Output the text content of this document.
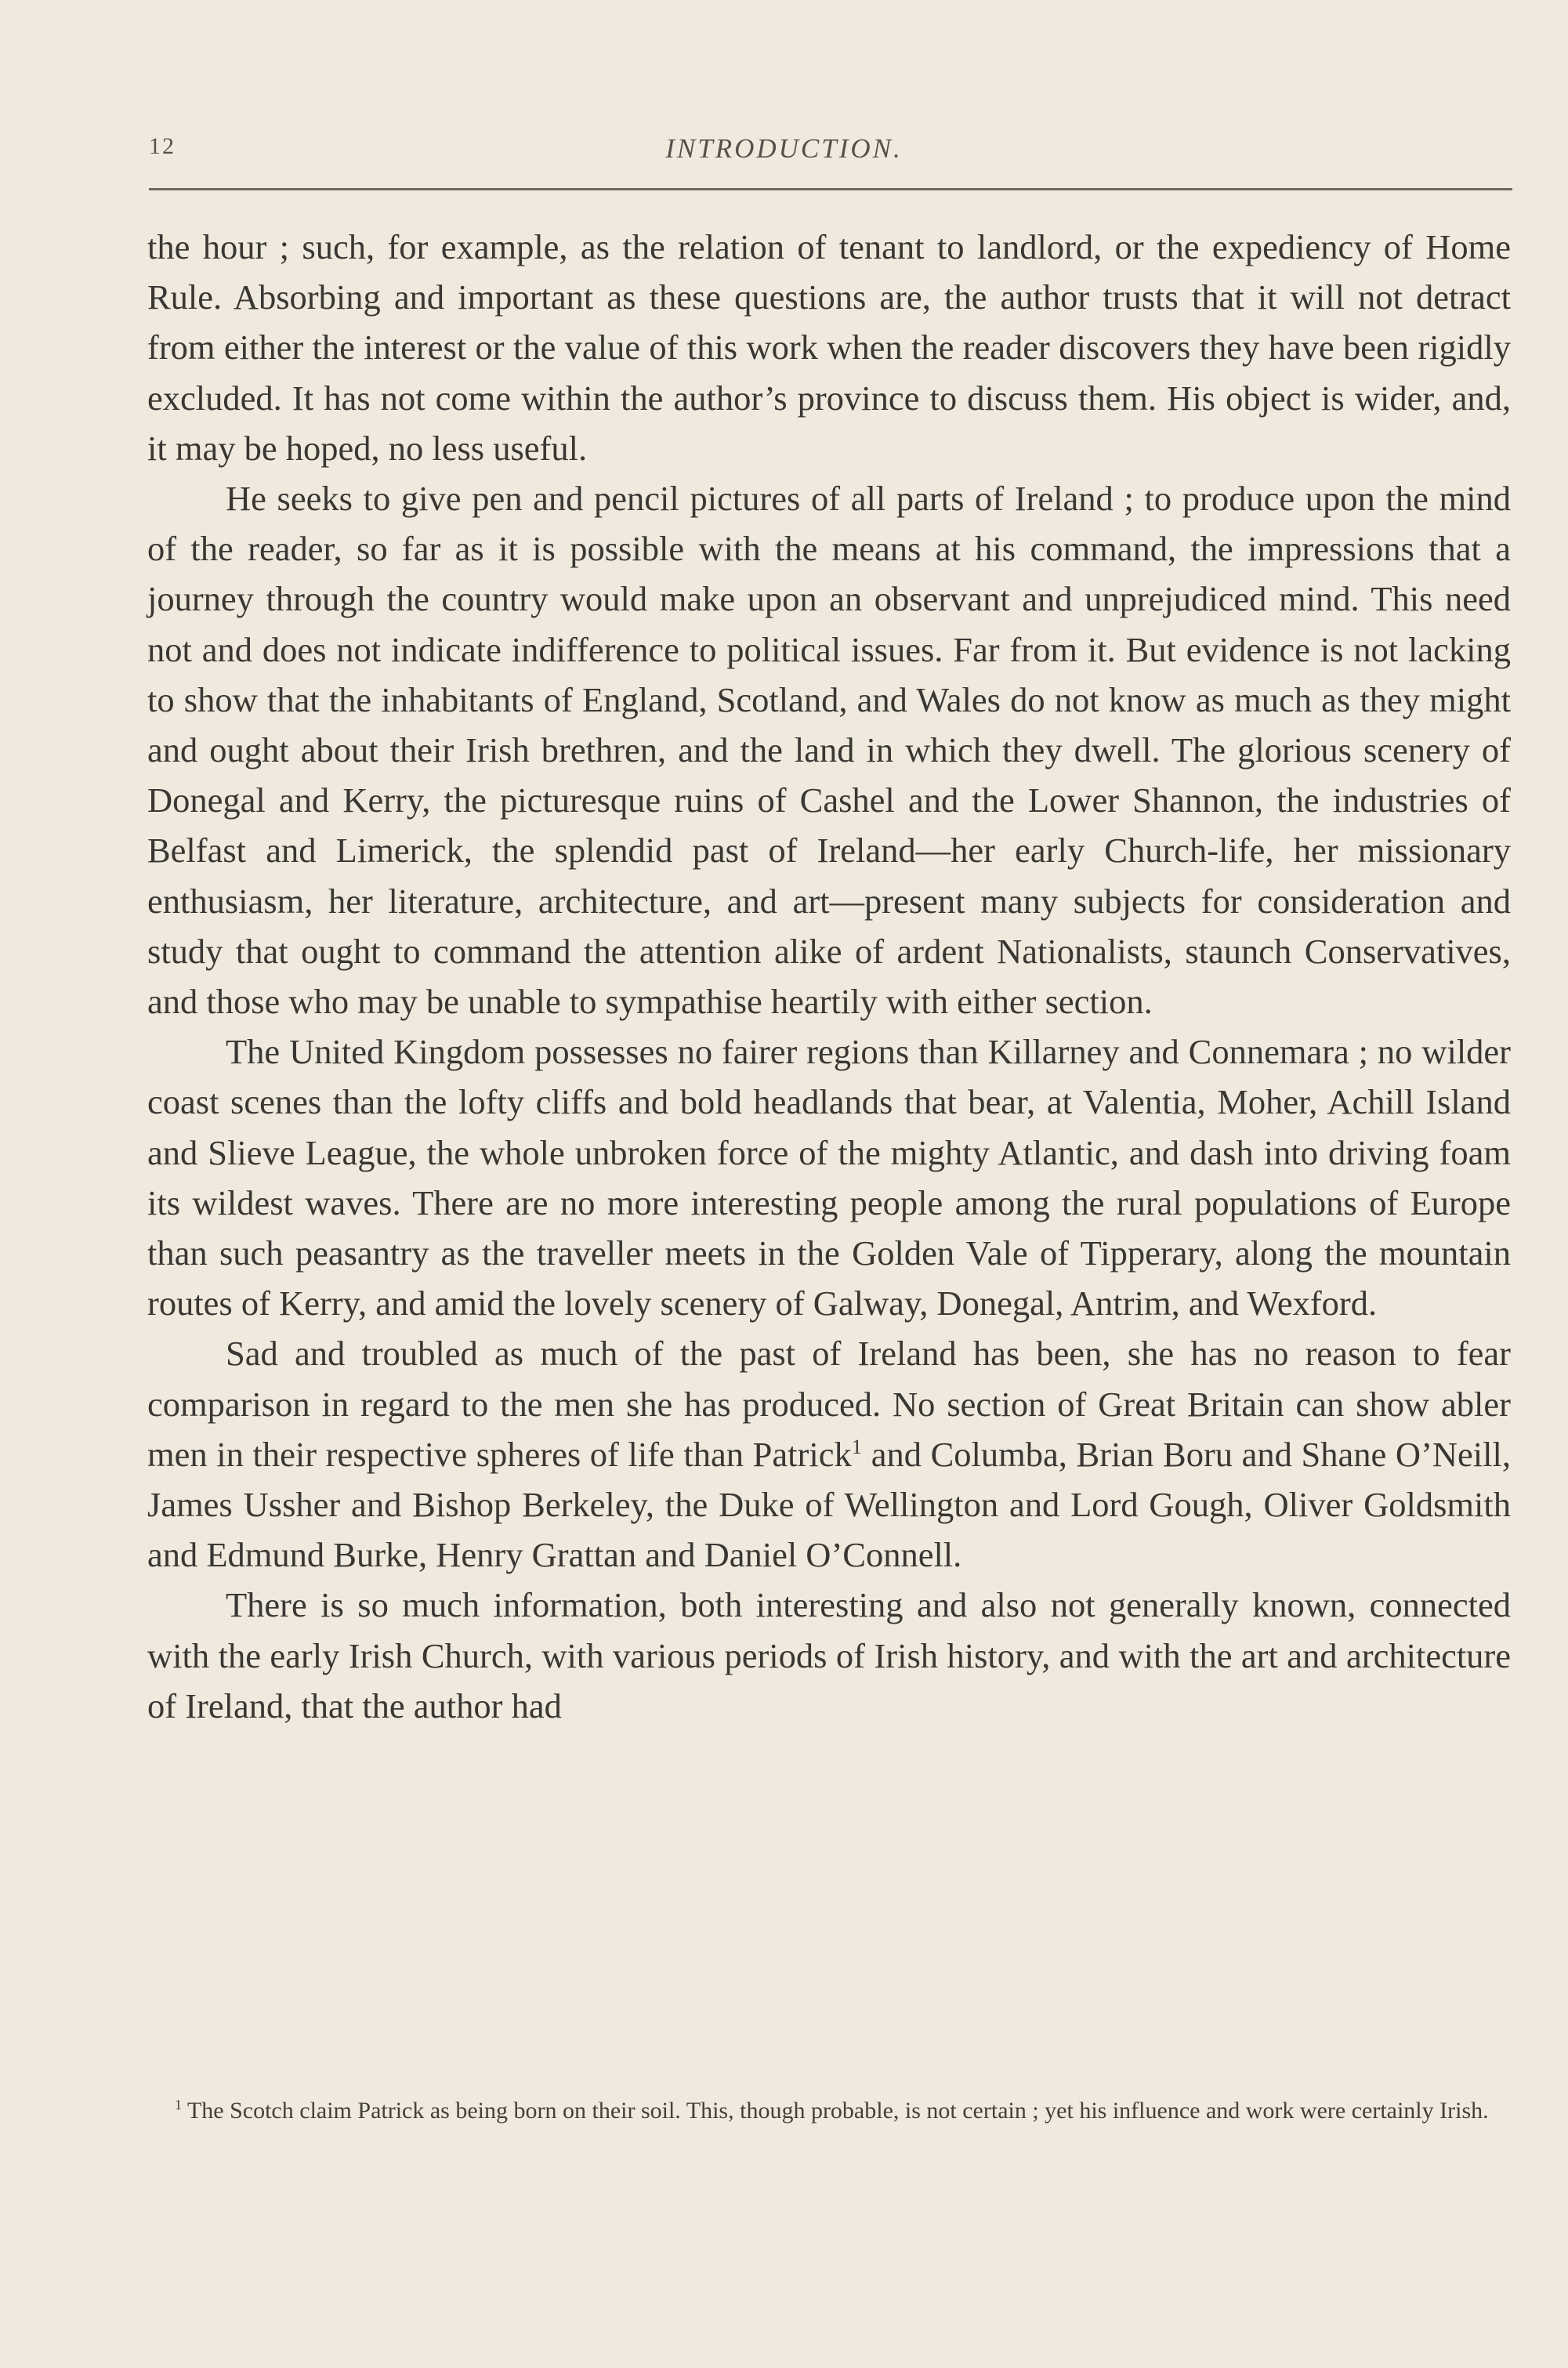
12	INTRODUCTION.

the hour ; such, for example, as the relation of tenant to landlord, or the expediency of Home Rule. Absorbing and important as these questions are, the author trusts that it will not detract from either the interest or the value of this work when the reader discovers they have been rigidly excluded. It has not come within the author’s province to discuss them. His object is wider, and, it may be hoped, no less useful.

He seeks to give pen and pencil pictures of all parts of Ireland ; to produce upon the mind of the reader, so far as it is possible with the means at his command, the impressions that a journey through the country would make upon an observant and unprejudiced mind. This need not and does not indicate indifference to political issues. Far from it. But evidence is not lacking to show that the inhabitants of England, Scotland, and Wales do not know as much as they might and ought about their Irish brethren, and the land in which they dwell. The glorious scenery of Donegal and Kerry, the picturesque ruins of Cashel and the Lower Shannon, the industries of Belfast and Limerick, the splendid past of Ireland—her early Church-life, her missionary enthusiasm, her literature, architecture, and art—present many subjects for consideration and study that ought to command the attention alike of ardent Nationalists, staunch Conservatives, and those who may be unable to sympathise heartily with either section.

The United Kingdom possesses no fairer regions than Killarney and Connemara ; no wilder coast scenes than the lofty cliffs and bold headlands that bear, at Valentia, Moher, Achill Island and Slieve League, the whole unbroken force of the mighty Atlantic, and dash into driving foam its wildest waves. There are no more interesting people among the rural populations of Europe than such peasantry as the traveller meets in the Golden Vale of Tipperary, along the mountain routes of Kerry, and amid the lovely scenery of Galway, Donegal, Antrim, and Wexford.

Sad and troubled as much of the past of Ireland has been, she has no reason to fear comparison in regard to the men she has produced. No section of Great Britain can show abler men in their respective spheres of life than Patrick$^1$ and Columba, Brian Boru and Shane O’Neill, James Ussher and Bishop Berkeley, the Duke of Wellington and Lord Gough, Oliver Goldsmith and Edmund Burke, Henry Grattan and Daniel O’Connell.

There is so much information, both interesting and also not generally known, connected with the early Irish Church, with various periods of Irish history, and with the art and architecture of Ireland, that the author had

$^1$ The Scotch claim Patrick as being born on their soil. This, though probable, is not certain ; yet his influence and work were certainly Irish.
